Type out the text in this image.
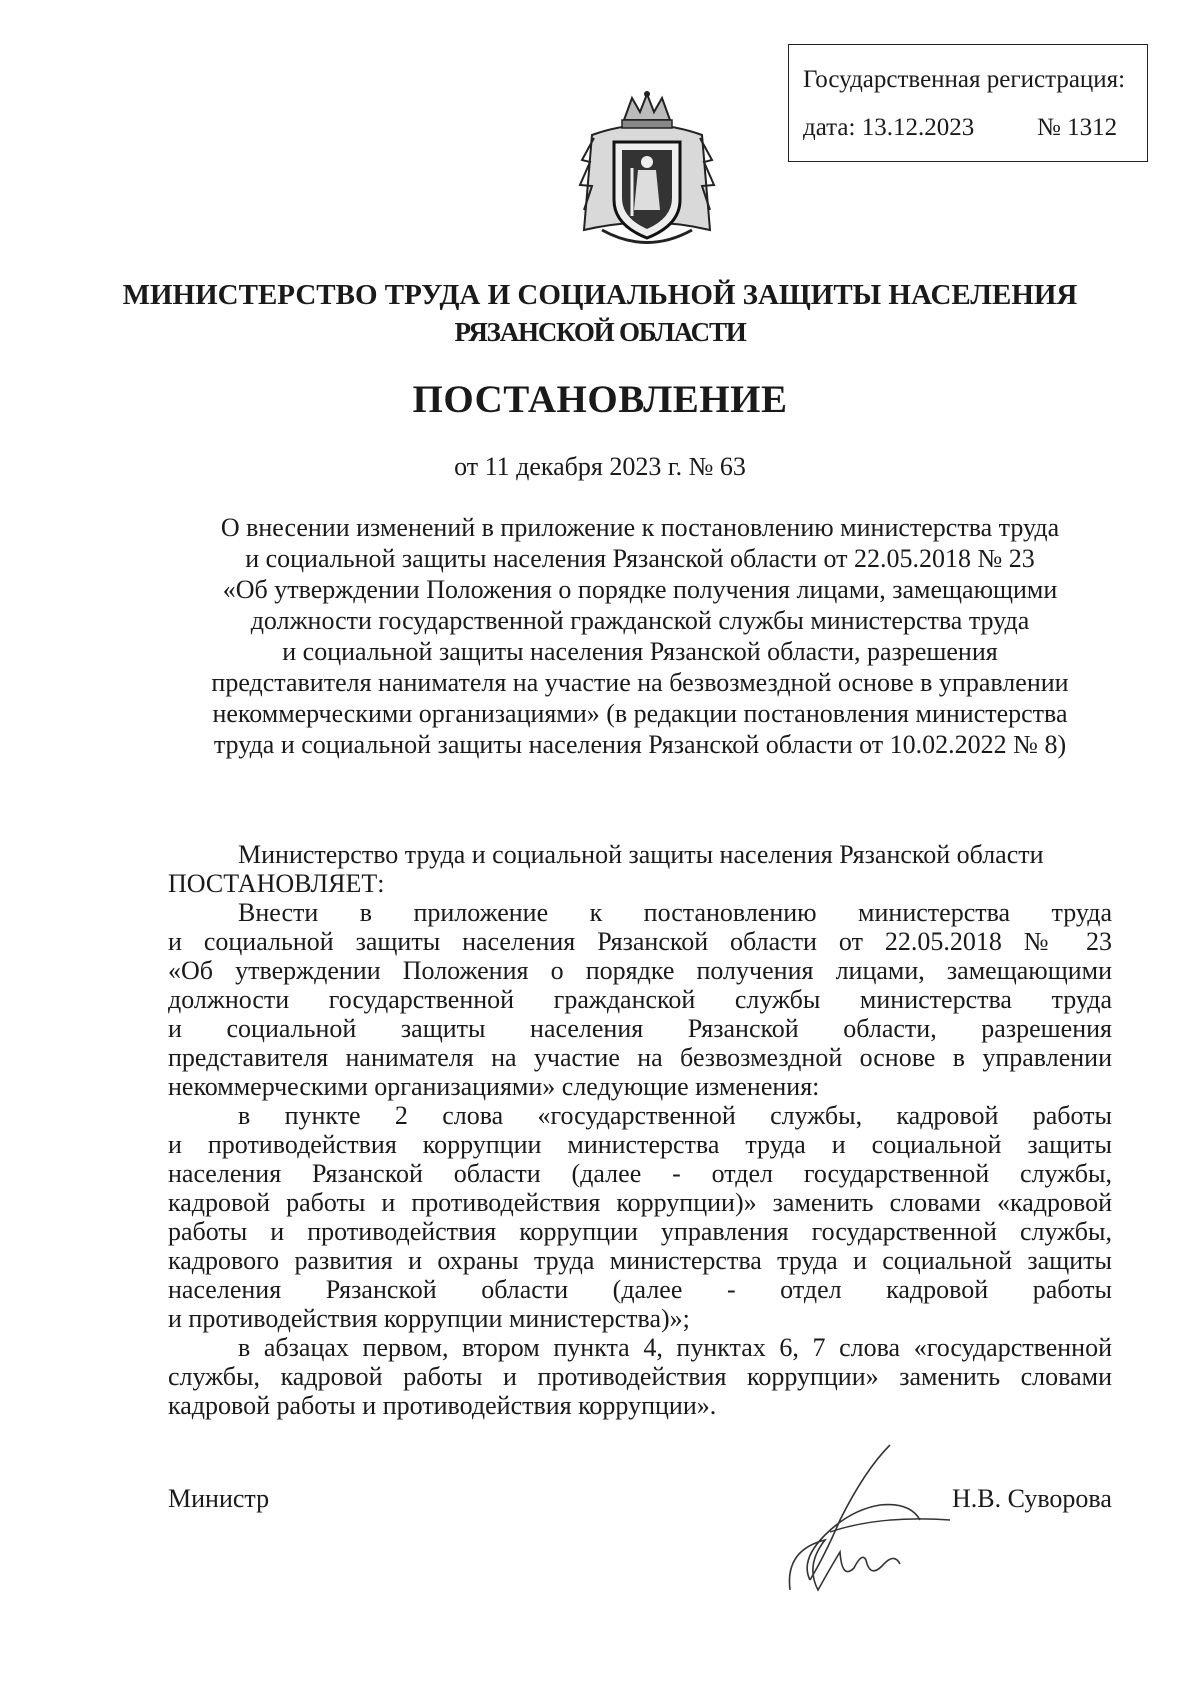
Государственная регистрация:
дата: 13.12.2023	№ 1312
МИНИСТЕРСТВО ТРУДА И СОЦИАЛЬНОЙ ЗАЩИТЫ НАСЕЛЕНИЯ
РЯЗАНСКОЙ ОБЛАСТИ
ПОСТАНОВЛЕНИЕ
от 11 декабря 2023 г. № 63
О внесении изменений в приложение к постановлению министерства труда
и социальной защиты населения Рязанской области от 22.05.2018 № 23
«Об утверждении Положения о порядке получения лицами, замещающими
должности государственной гражданской службы министерства труда
и социальной защиты населения Рязанской области, разрешения
представителя нанимателя на участие на безвозмездной основе в управлении
некоммерческими организациями» (в редакции постановления министерства
труда и социальной защиты населения Рязанской области от 10.02.2022 № 8)

Министерство труда и социальной защиты населения Рязанской области
ПОСТАНОВЛЯЕТ:

Внести в приложение к постановлению министерства труда
и социальной защиты населения Рязанской области от 22.05.2018 № 23
«Об утверждении Положения о порядке получения лицами, замещающими
должности государственной гражданской службы министерства труда
и социальной защиты населения Рязанской области, разрешения
представителя нанимателя на участие на безвозмездной основе в управлении
некоммерческими организациями» следующие изменения:

в пункте 2 слова «государственной службы, кадровой работы
и противодействия коррупции министерства труда и социальной защиты
населения Рязанской области (далее - отдел государственной службы,
кадровой работы и противодействия коррупции)» заменить словами «кадровой
работы и противодействия коррупции управления государственной службы,
кадрового развития и охраны труда министерства труда и социальной защиты
населения Рязанской области (далее - отдел кадровой работы
и противодействия коррупции министерства)»;

в абзацах первом, втором пункта 4, пунктах 6, 7 слова «государственной
службы, кадровой работы и противодействия коррупции» заменить словами
кадровой работы и противодействия коррупции».

Министр	Н.В. Суворова
